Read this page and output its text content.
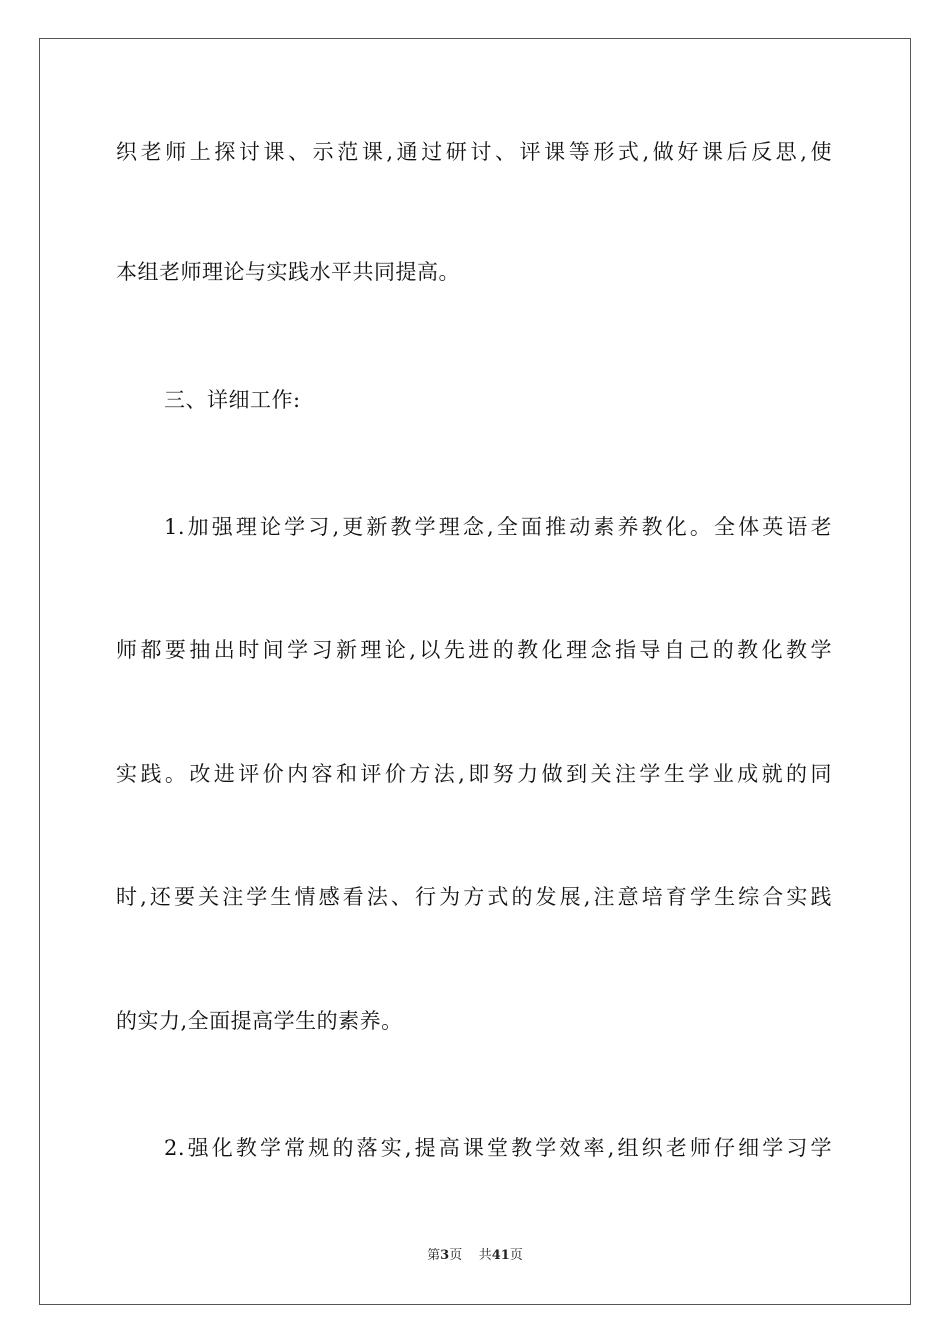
织老师上探讨课、示范课,通过研讨、评课等形式,做好课后反思,使
本组老师理论与实践水平共同提高。
三、详细工作:
1.加强理论学习,更新教学理念,全面推动素养教化。全体英语老
师都要抽出时间学习新理论,以先进的教化理念指导自己的教化教学
实践。改进评价内容和评价方法,即努力做到关注学生学业成就的同
时,还要关注学生情感看法、行为方式的发展,注意培育学生综合实践
的实力,全面提高学生的素养。
2.强化教学常规的落实,提高课堂教学效率,组织老师仔细学习学
第3页 共41页
